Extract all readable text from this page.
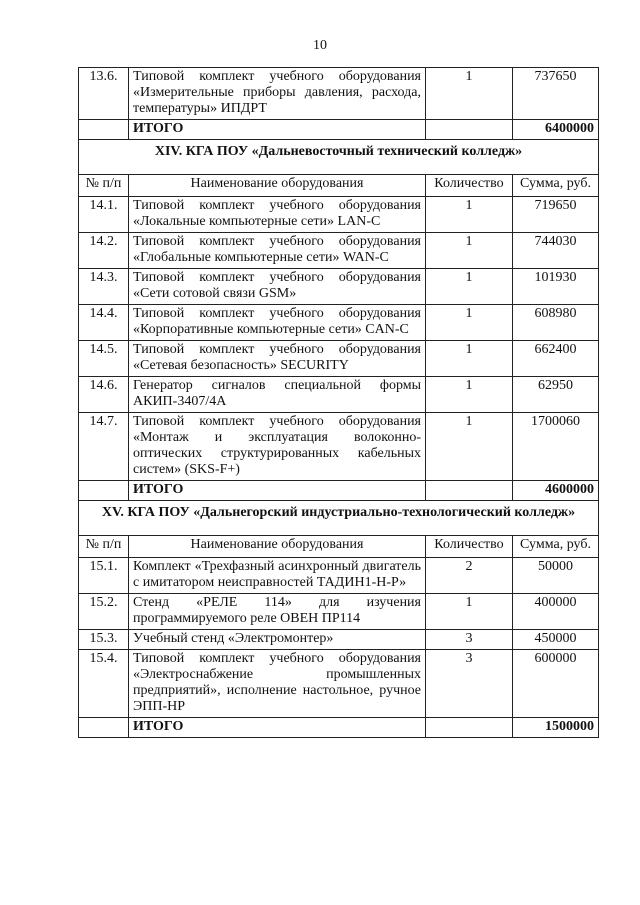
10
13.6.	Типовой комплект учебного оборудования «Измерительные приборы давления, расхода, температуры» ИПДРТ	1	737650
	ИТОГО		6400000
XIV. КГА ПОУ «Дальневосточный технический колледж»			
№ п/п	Наименование оборудования	Количество	Сумма, руб.
14.1.	Типовой комплект учебного оборудования «Локальные компьютерные сети» LAN-C	1	719650
14.2.	Типовой комплект учебного оборудования «Глобальные компьютерные сети» WAN-C	1	744030
14.3.	Типовой комплект учебного оборудования «Сети сотовой связи GSM»	1	101930
14.4.	Типовой комплект учебного оборудования «Корпоративные компьютерные сети» CAN-C	1	608980
14.5.	Типовой комплект учебного оборудования «Сетевая безопасность» SECURITY	1	662400
14.6.	Генератор сигналов специальной формы АКИП-3407/4А	1	62950
14.7.	Типовой комплект учебного оборудования «Монтаж и эксплуатация волоконно-оптических структурированных кабельных систем» (SKS-F+)	1	1700060
	ИТОГО		4600000
XV. КГА ПОУ «Дальнегорский индустриально-технологический колледж»			
№ п/п	Наименование оборудования	Количество	Сумма, руб.
15.1.	Комплект «Трехфазный асинхронный двигатель с имитатором неисправностей ТАДИН1-Н-Р»	2	50000
15.2.	Стенд «РЕЛЕ 114» для изучения программируемого реле ОВЕН ПР114	1	400000
15.3.	Учебный стенд «Электромонтер»	3	450000
15.4.	Типовой комплект учебного оборудования «Электроснабжение промышленных предприятий», исполнение настольное, ручное ЭПП-НР	3	600000
	ИТОГО		1500000
